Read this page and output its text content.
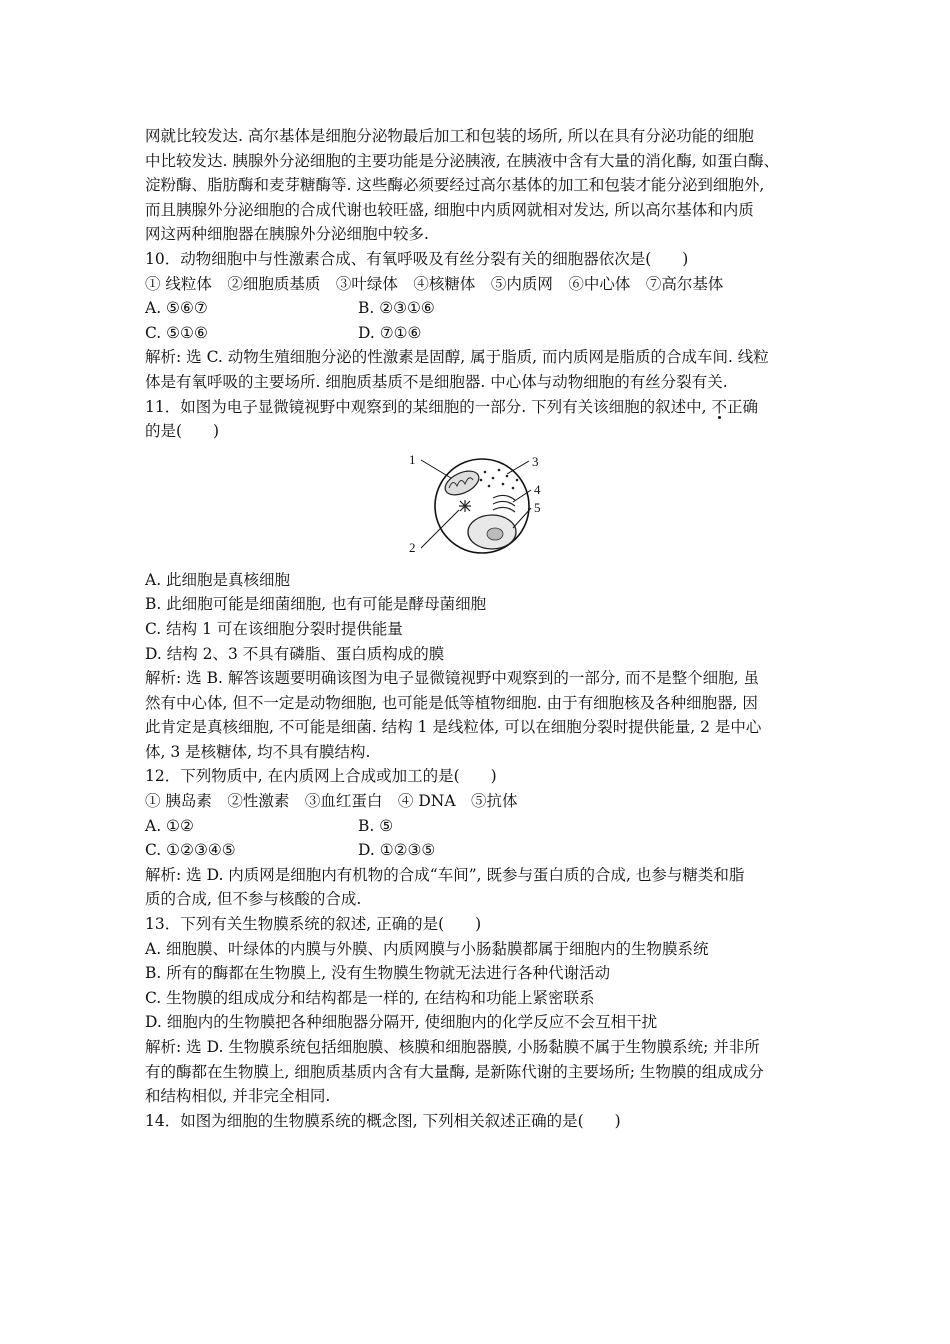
网就比较发达. 高尔基体是细胞分泌物最后加工和包装的场所, 所以在具有分泌功能的细胞
中比较发达. 胰腺外分泌细胞的主要功能是分泌胰液, 在胰液中含有大量的消化酶, 如蛋白酶、
淀粉酶、脂肪酶和麦芽糖酶等. 这些酶必须要经过高尔基体的加工和包装才能分泌到细胞外,
而且胰腺外分泌细胞的合成代谢也较旺盛, 细胞中内质网就相对发达, 所以高尔基体和内质
网这两种细胞器在胰腺外分泌细胞中较多.
10．动物细胞中与性激素合成、有氧呼吸及有丝分裂有关的细胞器依次是(　　)
① 线粒体　②细胞质基质　③叶绿体　④核糖体　⑤内质网　⑥中心体　⑦高尔基体
A. ⑤⑥⑦	B. ②③①⑥
C. ⑤①⑥	D. ⑦①⑥
解析: 选 C. 动物生殖细胞分泌的性激素是固醇, 属于脂质, 而内质网是脂质的合成车间. 线粒
体是有氧呼吸的主要场所. 细胞质基质不是细胞器. 中心体与动物细胞的有丝分裂有关.
11．如图为电子显微镜视野中观察到的某细胞的一部分. 下列有关该细胞的叙述中, 不正确
的是(　　)
1
2
3
4
5
A. 此细胞是真核细胞
B. 此细胞可能是细菌细胞, 也有可能是酵母菌细胞
C. 结构 1 可在该细胞分裂时提供能量
D. 结构 2、3 不具有磷脂、蛋白质构成的膜
解析: 选 B. 解答该题要明确该图为电子显微镜视野中观察到的一部分, 而不是整个细胞, 虽
然有中心体, 但不一定是动物细胞, 也可能是低等植物细胞. 由于有细胞核及各种细胞器, 因
此肯定是真核细胞, 不可能是细菌. 结构 1 是线粒体, 可以在细胞分裂时提供能量, 2 是中心
体, 3 是核糖体, 均不具有膜结构.
12．下列物质中, 在内质网上合成或加工的是(　　)
① 胰岛素　②性激素　③血红蛋白　④ DNA　⑤抗体
A. ①②	B. ⑤
C. ①②③④⑤	D. ①②③⑤
解析: 选 D. 内质网是细胞内有机物的合成“车间”, 既参与蛋白质的合成, 也参与糖类和脂
质的合成, 但不参与核酸的合成.
13．下列有关生物膜系统的叙述, 正确的是(　　)
A. 细胞膜、叶绿体的内膜与外膜、内质网膜与小肠黏膜都属于细胞内的生物膜系统
B. 所有的酶都在生物膜上, 没有生物膜生物就无法进行各种代谢活动
C. 生物膜的组成成分和结构都是一样的, 在结构和功能上紧密联系
D. 细胞内的生物膜把各种细胞器分隔开, 使细胞内的化学反应不会互相干扰
解析: 选 D. 生物膜系统包括细胞膜、核膜和细胞器膜, 小肠黏膜不属于生物膜系统; 并非所
有的酶都在生物膜上, 细胞质基质内含有大量酶, 是新陈代谢的主要场所; 生物膜的组成成分
和结构相似, 并非完全相同.
14．如图为细胞的生物膜系统的概念图, 下列相关叙述正确的是(　　)
